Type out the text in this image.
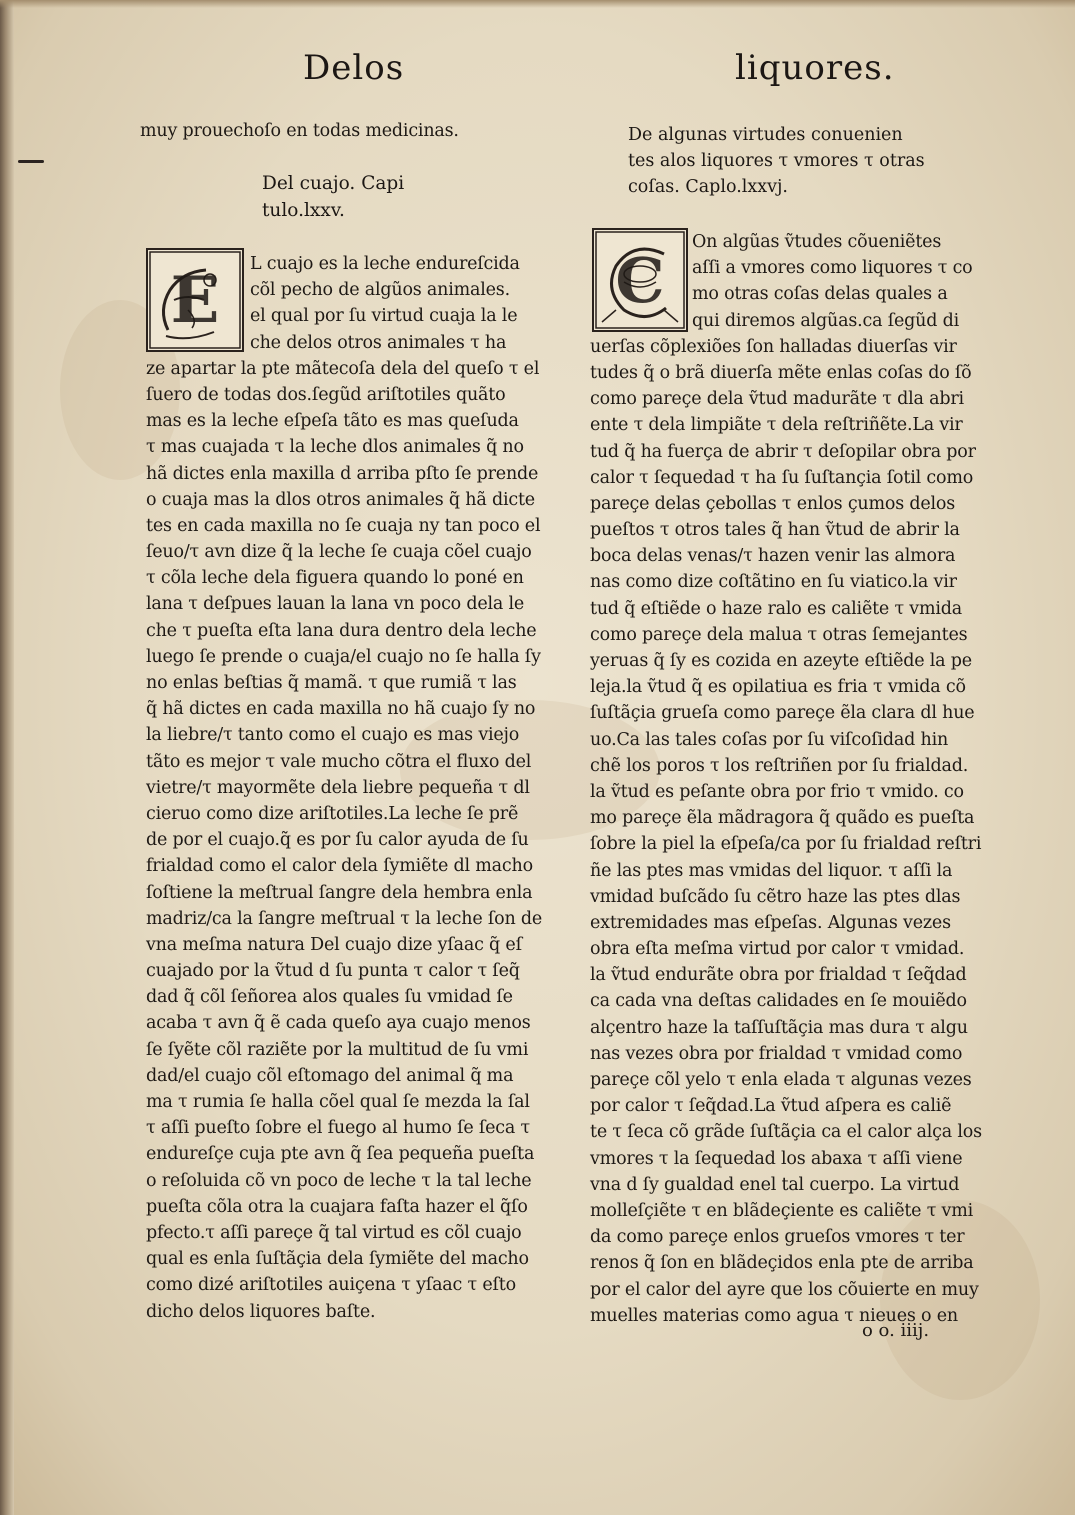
Delos	liquores.
muy prouechoſo en todas medicinas.
Del cuajo. Capi
tulo.lxxv.
E	L cuajo es la leche endureſcida
cõl pecho de algũos animales.
el qual por ſu virtud cuaja la le
che delos otros animales τ ha
ze apartar la pte mãtecoſa dela del queſo τ el
ſuero de todas dos.ſegũd ariſtotiles quãto
mas es la leche eſpeſa tãto es mas queſuda
τ mas cuajada τ la leche dlos animales q̃ no
hã dictes enla maxilla d arriba pſto ſe prende
o cuaja mas la dlos otros animales q̃ hã dicte
tes en cada maxilla no ſe cuaja ny tan poco el
ſeuo/τ avn dize q̃ la leche ſe cuaja cõel cuajo
τ cõla leche dela figuera quando lo poné en
lana τ deſpues lauan la lana vn poco dela le
che τ pueſta eſta lana dura dentro dela leche
luego ſe prende o cuaja/el cuajo no ſe halla ſy
no enlas beſtias q̃ mamã. τ que rumiã τ las
q̃ hã dictes en cada maxilla no hã cuajo ſy no
la liebre/τ tanto como el cuajo es mas viejo
tãto es mejor τ vale mucho cõtra el fluxo del
vietre/τ mayormẽte dela liebre pequeña τ dl
cieruo como dize ariſtotiles.La leche ſe prẽ
de por el cuajo.q̃ es por ſu calor ayuda de ſu
frialdad como el calor dela ſymiẽte dl macho
ſoſtiene la meſtrual ſangre dela hembra enla
madriz/ca la ſangre meſtrual τ la leche ſon de
vna meſma natura Del cuajo dize yſaac q̃ eſ
cuajado por la ṽtud d ſu punta τ calor τ ſeq̃
dad q̃ cõl ſeñorea alos quales ſu vmidad ſe
acaba τ avn q̃ ẽ cada queſo aya cuajo menos
ſe ſyẽte cõl raziẽte por la multitud de ſu vmi
dad/el cuajo cõl eſtomago del animal q̃ ma
ma τ rumia ſe halla cõel qual ſe mezda la ſal
τ aſſi pueſto ſobre el fuego al humo ſe ſeca τ
endureſçe cuja pte avn q̃ ſea pequeña pueſta
o reſoluida cõ vn poco de leche τ la tal leche
pueſta cõla otra la cuajara faſta hazer el q̃ſo
pfecto.τ aſſi pareçe q̃ tal virtud es cõl cuajo
qual es enla ſuſtãçia dela ſymiẽte del macho
como dizé ariſtotiles auiçena τ yſaac τ eſto
dicho delos liquores baſte.
De algunas virtudes conuenien
tes alos liquores τ vmores τ otras
coſas. Caplo.lxxvj.
C
On algũas ṽtudes cõueniẽtes
aſſi a vmores como liquores τ co
mo otras coſas delas quales a
qui diremos algũas.ca ſegũd di
uerſas cõplexiões ſon halladas diuerſas vir
tudes q̃ o brã diuerſa mẽte enlas coſas do ſõ
como pareçe dela ṽtud madurãte τ dla abri
ente τ dela limpiãte τ dela reſtriñẽte.La vir
tud q̃ ha fuerça de abrir τ deſopilar obra por
calor τ ſequedad τ ha ſu ſuſtançia ſotil como
pareçe delas çebollas τ enlos çumos delos
pueſtos τ otros tales q̃ han ṽtud de abrir la
boca delas venas/τ hazen venir las almora
nas como dize coſtãtino en ſu viatico.la vir
tud q̃ eſtiẽde o haze ralo es caliẽte τ vmida
como pareçe dela malua τ otras ſemejantes
yeruas q̃ ſy es cozida en azeyte eſtiẽde la pe
leja.la ṽtud q̃ es opilatiua es fria τ vmida cõ
ſuſtãçia grueſa como pareçe ẽla clara dl hue
uo.Ca las tales coſas por ſu viſcoſidad hin
chẽ los poros τ los reſtriñen por ſu frialdad.
la ṽtud es peſante obra por frio τ vmido. co
mo pareçe ẽla mãdragora q̃ quãdo es pueſta
ſobre la piel la eſpeſa/ca por ſu frialdad reſtri
ñe las ptes mas vmidas del liquor. τ aſſi la
vmidad buſcãdo ſu cẽtro haze las ptes dlas
extremidades mas eſpeſas. Algunas vezes
obra eſta meſma virtud por calor τ vmidad.
la ṽtud endurãte obra por frialdad τ ſeq̃dad
ca cada vna deſtas calidades en ſe mouiẽdo
alçentro haze la taſſuſtãçia mas dura τ algu
nas vezes obra por frialdad τ vmidad como
pareçe cõl yelo τ enla elada τ algunas vezes
por calor τ ſeq̃dad.La ṽtud aſpera es caliẽ
te τ ſeca cõ grãde ſuſtãçia ca el calor alça los
vmores τ la ſequedad los abaxa τ aſſi viene
vna d ſy gualdad enel tal cuerpo. La virtud
molleſçiẽte τ en blãdeçiente es caliẽte τ vmi
da como pareçe enlos grueſos vmores τ ter
renos q̃ ſon en blãdeçidos enla pte de arriba
por el calor del ayre que los cõuierte en muy
muelles materias como agua τ nieues o en
o o. iiij.
